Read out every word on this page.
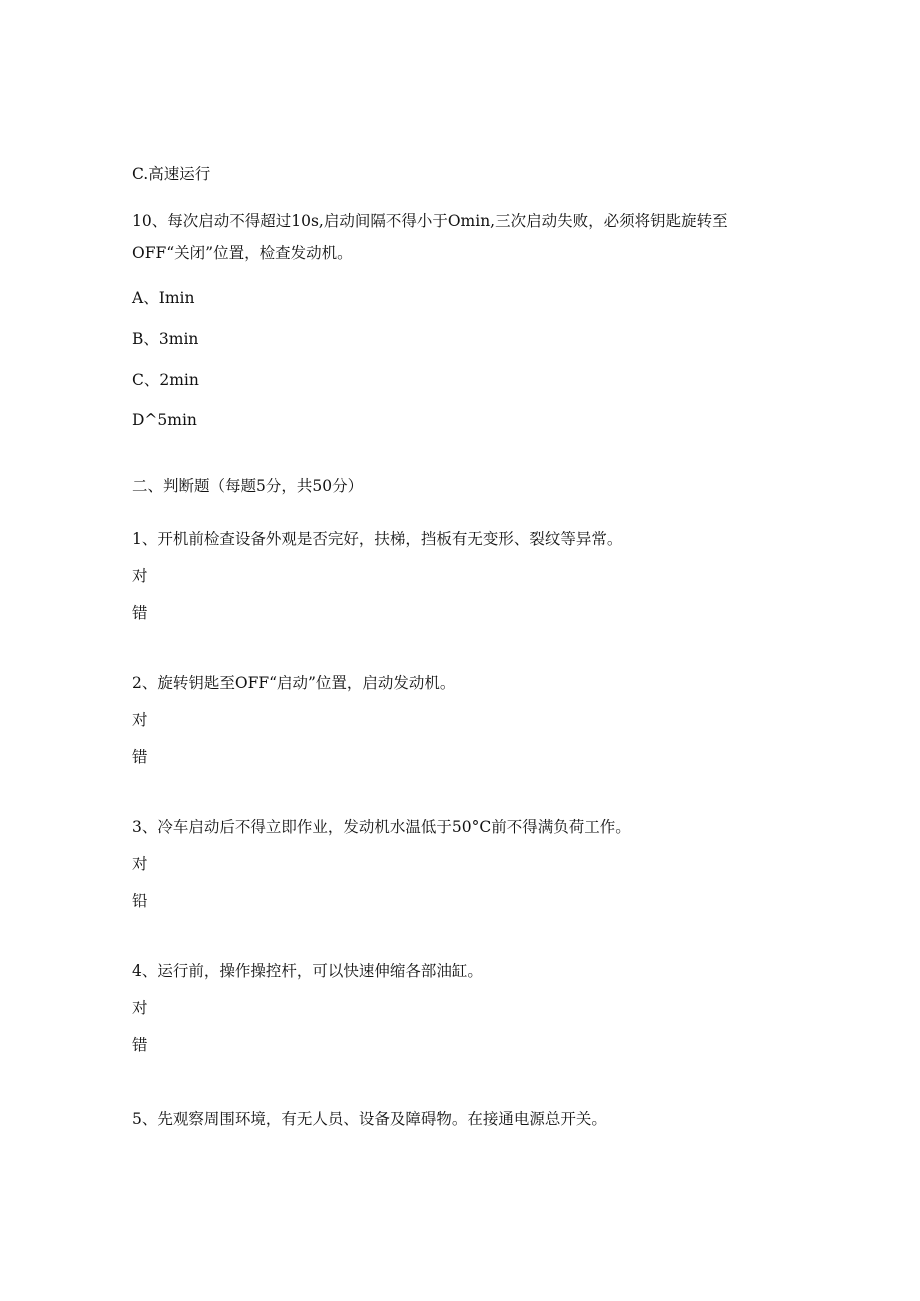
C.高速运行
10、每次启动不得超过10s,启动间隔不得小于Omin,三次启动失败，必须将钥匙旋转至
OFF“关闭”位置，检查发动机。
A、Imin
B、3min
C、2min
D^5min
二、判断题（每题5分，共50分）
1、开机前检查设备外观是否完好，扶梯，挡板有无变形、裂纹等异常。
对
错
2、旋转钥匙至OFF“启动”位置，启动发动机。
对
错
3、冷车启动后不得立即作业，发动机水温低于50°C前不得满负荷工作。
对
铅
4、运行前，操作操控杆，可以快速伸缩各部油缸。
对
错
5、先观察周围环境，有无人员、设备及障碍物。在接通电源总开关。
